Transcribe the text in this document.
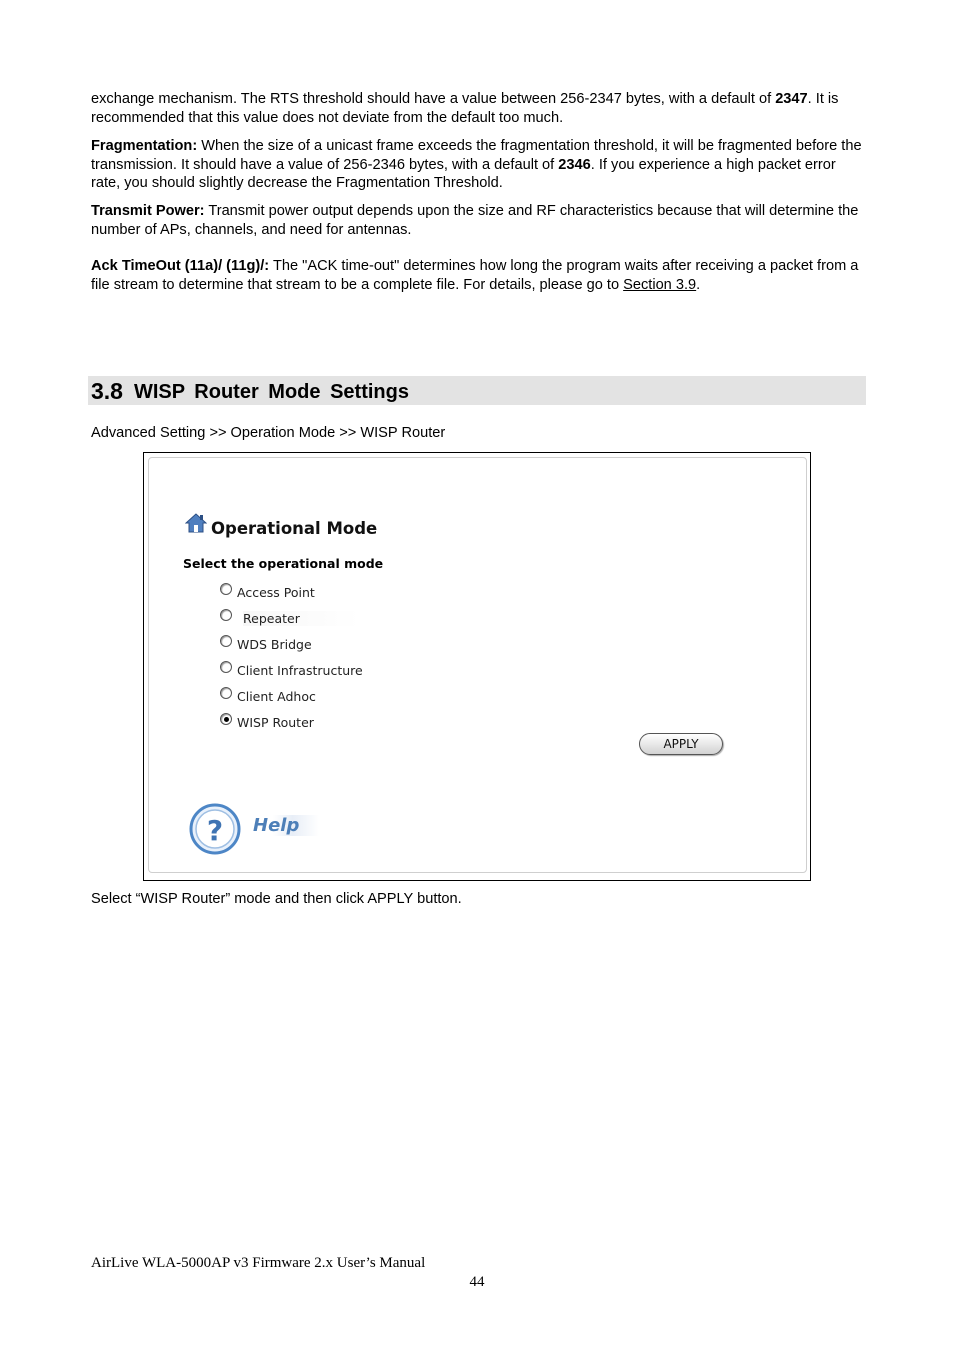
exchange mechanism. The RTS threshold should have a value between 256-2347 bytes, with a default of 2347. It is recommended that this value does not deviate from the default too much.

Fragmentation: When the size of a unicast frame exceeds the fragmentation threshold, it will be fragmented before the transmission. It should have a value of 256-2346 bytes, with a default of 2346. If you experience a high packet error rate, you should slightly decrease the Fragmentation Threshold.

Transmit Power: Transmit power output depends upon the size and RF characteristics because that will determine the number of APs, channels, and need for antennas.

Ack TimeOut (11a)/ (11g)/: The "ACK time-out" determines how long the program waits after receiving a packet from a file stream to determine that stream to be a complete file. For details, please go to Section 3.9.

3.8 WISP Router Mode Settings
Advanced Setting >> Operation Mode >> WISP Router
Operational Mode
Select the operational mode
Access Point
Repeater
WDS Bridge
Client Infrastructure
Client Adhoc
WISP Router
APPLY
? Help
Select “WISP Router” mode and then click APPLY button.
AirLive WLA-5000AP v3 Firmware 2.x User’s Manual
44
